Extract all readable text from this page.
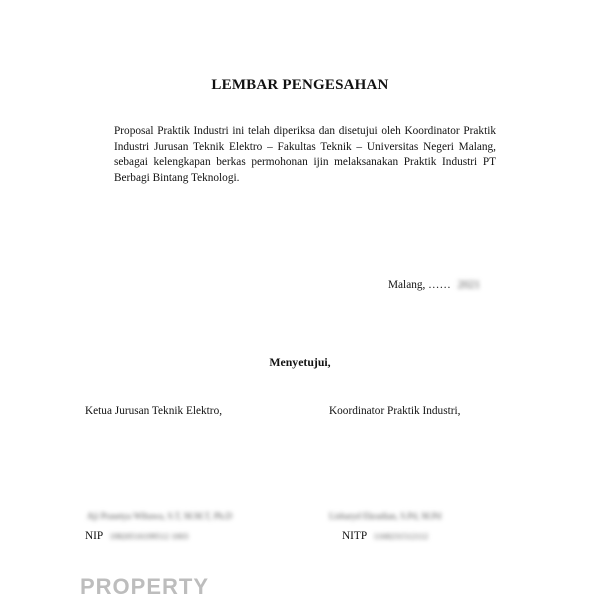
LEMBAR PENGESAHAN
Proposal Praktik Industri ini telah diperiksa dan disetujui oleh Koordinator Praktik Industri Jurusan Teknik Elektro – Fakultas Teknik – Universitas Negeri Malang, sebagai kelengkapan berkas permohonan ijin melaksanakan Praktik Industri PT Berbagi Bintang Teknologi.
Malang, …… 2021
Menyetujui,
Ketua Jurusan Teknik Elektro,	Koordinator Praktik Industri,
Aji Prasetya Wibawa, S.T, M.M.T, Ph.D	Lisbaryd Ekradian, S.Pd, M.Pd
NIP 19820516199512 1003	NITP 1168231512112
PROPERTY
